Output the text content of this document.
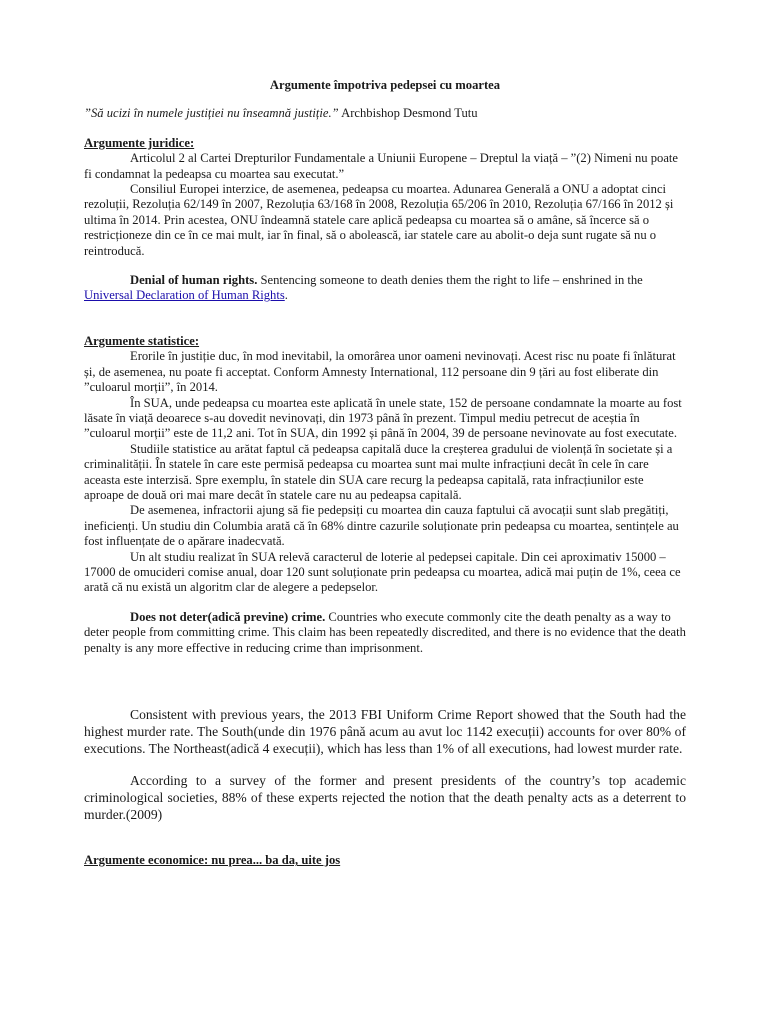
Argumente împotriva pedepsei cu moartea

”Să ucizi în numele justiției nu înseamnă justiție.” Archbishop Desmond Tutu

Argumente juridice:

Articolul 2 al Cartei Drepturilor Fundamentale a Uniunii Europene – Dreptul la viață – ”(2) Nimeni nu poate fi condamnat la pedeapsa cu moartea sau executat.”

Consiliul Europei interzice, de asemenea, pedeapsa cu moartea. Adunarea Generală a ONU a adoptat cinci rezoluții, Rezoluția 62/149 în 2007, Rezoluția 63/168 în 2008, Rezoluția 65/206 în 2010, Rezoluția 67/166 în 2012 și ultima în 2014. Prin acestea, ONU îndeamnă statele care aplică pedeapsa cu moartea să o amâne, să încerce să o restricționeze din ce în ce mai mult, iar în final, să o abolească, iar statele care au abolit-o deja sunt rugate să nu o reintroducă.

Denial of human rights. Sentencing someone to death denies them the right to life – enshrined in the Universal Declaration of Human Rights.

Argumente statistice:

Erorile în justiție duc, în mod inevitabil, la omorârea unor oameni nevinovați. Acest risc nu poate fi înlăturat și, de asemenea, nu poate fi acceptat. Conform Amnesty International, 112 persoane din 9 țări au fost eliberate din ”culoarul morții”, în 2014.

În SUA, unde pedeapsa cu moartea este aplicată în unele state, 152 de persoane condamnate la moarte au fost lăsate în viață deoarece s-au dovedit nevinovați, din 1973 până în prezent. Timpul mediu petrecut de aceștia în ”culoarul morții” este de 11,2 ani. Tot în SUA, din 1992 și până în 2004, 39 de persoane nevinovate au fost executate.

Studiile statistice au arătat faptul că pedeapsa capitală duce la creșterea gradului de violență în societate și a criminalității. În statele în care este permisă pedeapsa cu moartea sunt mai multe infracțiuni decât în cele în care aceasta este interzisă. Spre exemplu, în statele din SUA care recurg la pedeapsa capitală, rata infracțiunilor este aproape de două ori mai mare decât în statele care nu au pedeapsa capitală.

De asemenea, infractorii ajung să fie pedepsiți cu moartea din cauza faptului că avocații sunt slab pregătiți, ineficienți. Un studiu din Columbia arată că în 68% dintre cazurile soluționate prin pedeapsa cu moartea, sentințele au fost influențate de o apărare inadecvată.

Un alt studiu realizat în SUA relevă caracterul de loterie al pedepsei capitale. Din cei aproximativ 15000 – 17000 de omucideri comise anual, doar 120 sunt soluționate prin pedeapsa cu moartea, adică mai puțin de 1%, ceea ce arată că nu există un algoritm clar de alegere a pedepselor.

Does not deter(adică previne) crime. Countries who execute commonly cite the death penalty as a way to deter people from committing crime. This claim has been repeatedly discredited, and there is no evidence that the death penalty is any more effective in reducing crime than imprisonment.

Consistent with previous years, the 2013 FBI Uniform Crime Report showed that the South had the highest murder rate. The South(unde din 1976 până acum au avut loc 1142 execuții) accounts for over 80% of executions. The Northeast(adică 4 execuții), which has less than 1% of all executions, had lowest murder rate.

According to a survey of the former and present presidents of the country’s top academic criminological societies, 88% of these experts rejected the notion that the death penalty acts as a deterrent to murder.(2009)

Argumente economice: nu prea... ba da, uite jos
